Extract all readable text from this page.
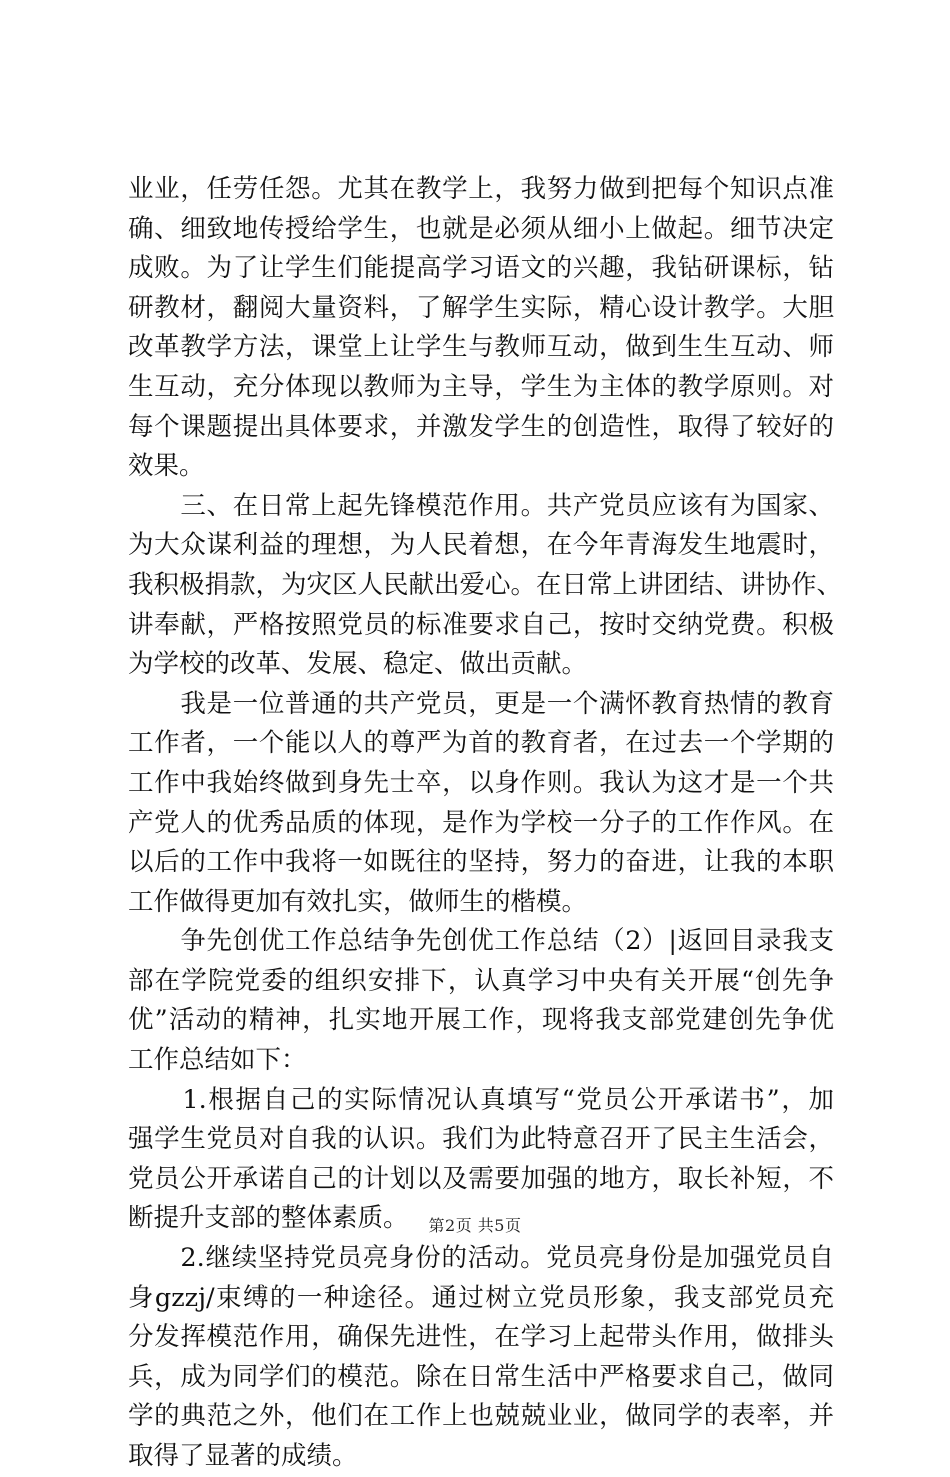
业业，任劳任怨。尤其在教学上，我努力做到把每个知识点准
确、细致地传授给学生，也就是必须从细小上做起。细节决定
成败。为了让学生们能提高学习语文的兴趣，我钻研课标，钻
研教材，翻阅大量资料，了解学生实际，精心设计教学。大胆
改革教学方法，课堂上让学生与教师互动，做到生生互动、师
生互动，充分体现以教师为主导，学生为主体的教学原则。对
每个课题提出具体要求，并激发学生的创造性，取得了较好的
效果。
　　三、在日常上起先锋模范作用。共产党员应该有为国家、
为大众谋利益的理想，为人民着想，在今年青海发生地震时，
我积极捐款，为灾区人民献出爱心。在日常上讲团结、讲协作、
讲奉献，严格按照党员的标准要求自己，按时交纳党费。积极
为学校的改革、发展、稳定、做出贡献。
　　我是一位普通的共产党员，更是一个满怀教育热情的教育
工作者，一个能以人的尊严为首的教育者，在过去一个学期的
工作中我始终做到身先士卒，以身作则。我认为这才是一个共
产党人的优秀品质的体现，是作为学校一分子的工作作风。在
以后的工作中我将一如既往的坚持，努力的奋进，让我的本职
工作做得更加有效扎实，做师生的楷模。
　　争先创优工作总结争先创优工作总结（2）|返回目录我支
部在学院党委的组织安排下，认真学习中央有关开展“创先争
优”活动的精神，扎实地开展工作，现将我支部党建创先争优
工作总结如下：
　　1.根据自己的实际情况认真填写“党员公开承诺书”，加
强学生党员对自我的认识。我们为此特意召开了民主生活会，
党员公开承诺自己的计划以及需要加强的地方，取长补短，不
断提升支部的整体素质。
　　2.继续坚持党员亮身份的活动。党员亮身份是加强党员自
身gzzj/束缚的一种途径。通过树立党员形象，我支部党员充
分发挥模范作用，确保先进性，在学习上起带头作用，做排头
兵，成为同学们的模范。除在日常生活中严格要求自己，做同
学的典范之外，他们在工作上也兢兢业业，做同学的表率，并
取得了显著的成绩。
第2页 共5页
